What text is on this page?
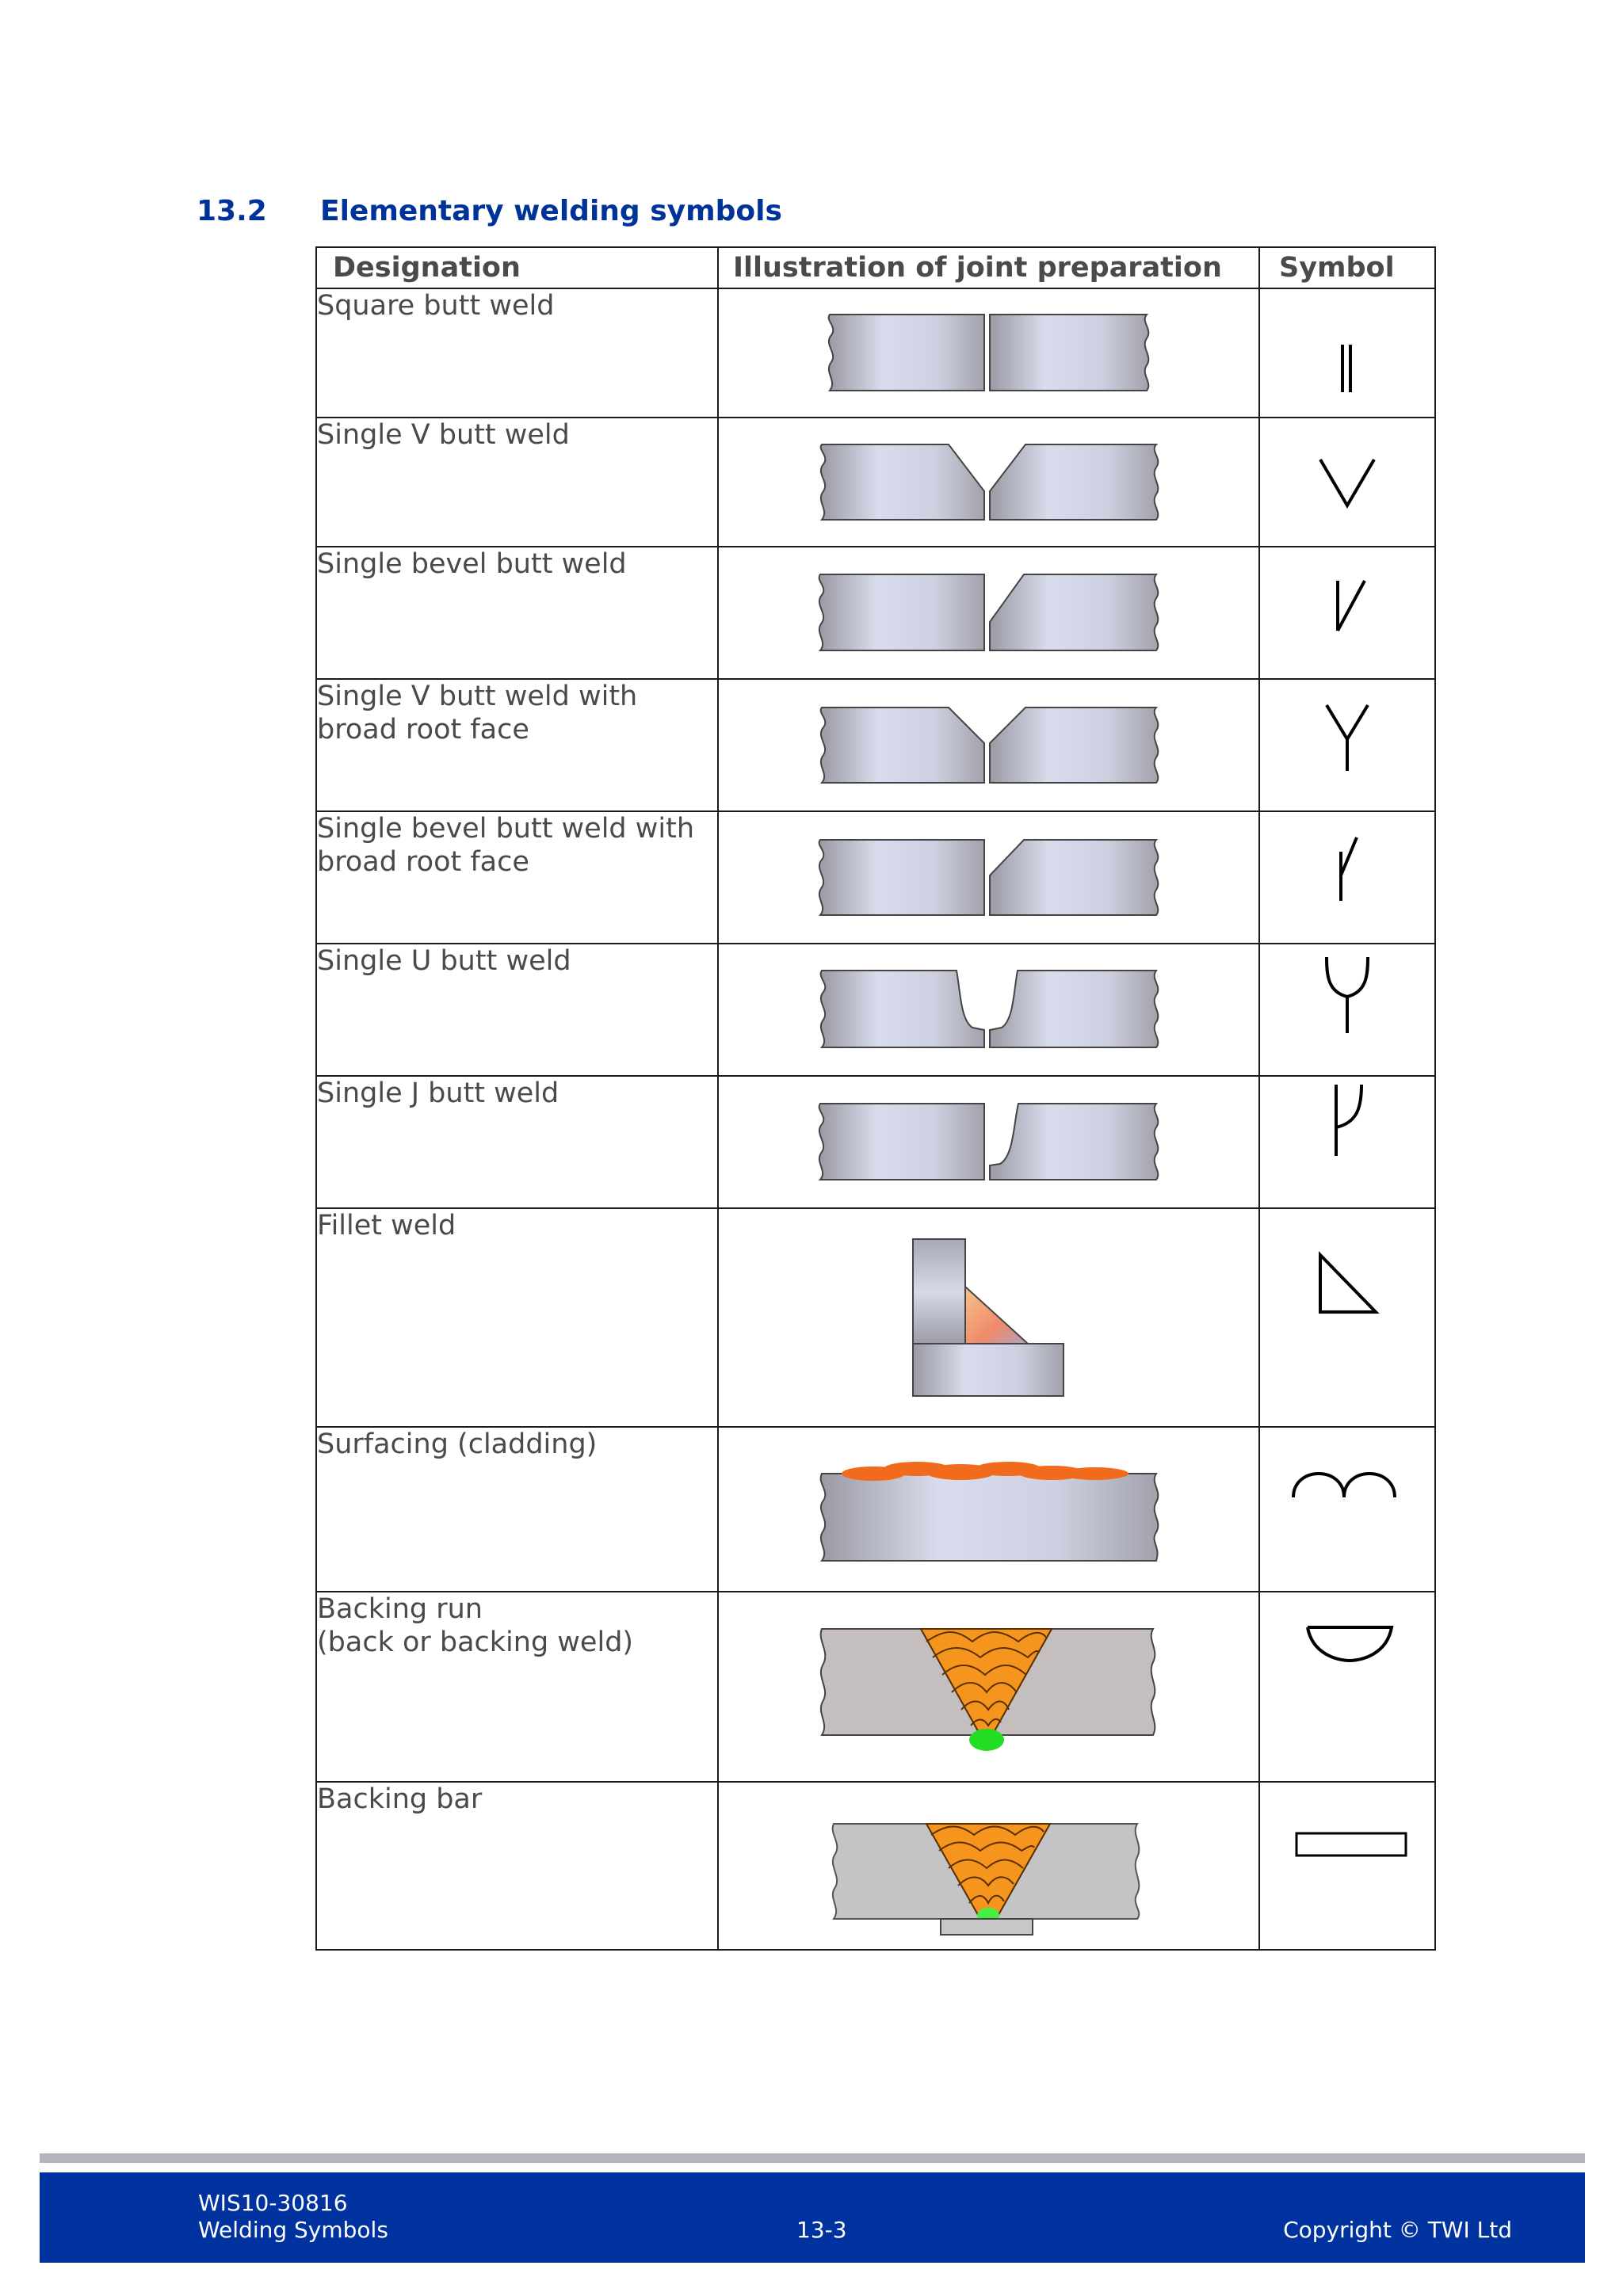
13.2 Elementary welding symbols
Designation	Illustration of joint preparation	Symbol

Square butt weld

Single V butt weld

Single bevel butt weld

Single V butt weld with
broad root face

Single bevel butt weld with
broad root face

Single U butt weld

Single J butt weld

Fillet weld

Surfacing (cladding)

Backing run
(back or backing weld)

Backing bar

WIS10-30816
Welding Symbols	13-3	Copyright © TWI Ltd
